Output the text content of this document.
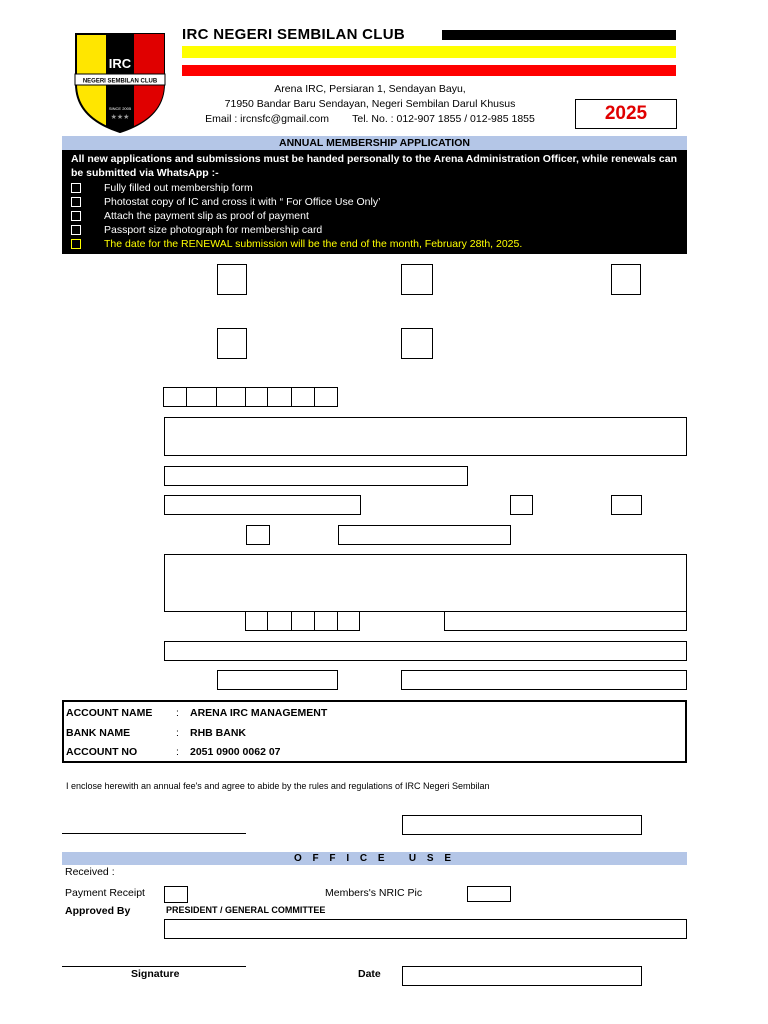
IRC
NEGERI SEMBILAN CLUB
SINCE 2005
★★★
IRC NEGERI SEMBILAN CLUB
Arena IRC, Persiaran 1, Sendayan Bayu,
71950 Bandar Baru Sendayan, Negeri Sembilan Darul Khusus
Email : ircnsfc@gmail.com        Tel. No. : 012-907 1855 / 012-985 1855	2025
ANNUAL MEMBERSHIP APPLICATION
All new applications and submissions must be handed personally to the Arena Administration Officer, while renewals can be submitted via WhatsApp :-
Fully filled out membership form
Photostat copy of IC and cross it with “ For Office Use Only’
Attach the payment slip as proof of payment
Passport size photograph for membership card
The date for the RENEWAL submission will be the end of the month, February 28th, 2025.
ACCOUNT NAME : ARENA IRC MANAGEMENT
BANK NAME	: RHB BANK
ACCOUNT NO	: 2051 0900 0062 07
I enclose herewith an annual fee's and agree to abide by the rules and regulations of IRC Negeri Sembilan
O F F I C E   U S E
Received :
Payment Receipt	Members's NRIC Pic
Approved By	PRESIDENT / GENERAL COMMITTEE
Signature	Date
